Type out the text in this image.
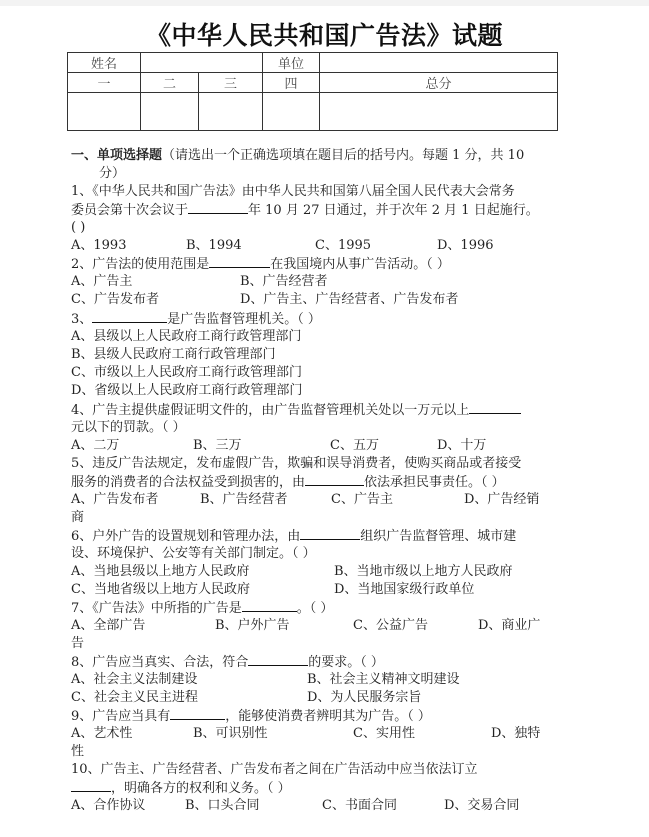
《中华人民共和国广告法》试题
姓名			单位	
一	二	三	四	总分

一、单项选择题（请选出一个正确选项填在题目后的括号内。每题 1 分，共 10
分）
1、《中华人民共和国广告法》由中华人民共和国第八届全国人民代表大会常务
委员会第十次会议于	年 10 月 27 日通过，并于次年 2 月 1 日起施行。
( )
A、1993	B、1994	C、1995	D、1996
2、广告法的使用范围是	在我国境内从事广告活动。（ ）
A、广告主	B、广告经营者
C、广告发布者	D、广告主、广告经营者、广告发布者
3、	是广告监督管理机关。（ ）
A、县级以上人民政府工商行政管理部门
B、县级人民政府工商行政管理部门
C、市级以上人民政府工商行政管理部门
D、省级以上人民政府工商行政管理部门
4、广告主提供虚假证明文件的，由广告监督管理机关处以一万元以上
元以下的罚款。（ ）
A、二万	B、三万	C、五万	D、十万
5、违反广告法规定，发布虚假广告，欺骗和误导消费者，使购买商品或者接受
服务的消费者的合法权益受到损害的，由	依法承担民事责任。（ ）
A、广告发布者	B、广告经营者	C、广告主	D、广告经销
商
6、户外广告的设置规划和管理办法，由	组织广告监督管理、城市建
设、环境保护、公安等有关部门制定。（ ）
A、当地县级以上地方人民政府	B、当地市级以上地方人民政府
C、当地省级以上地方人民政府	D、当地国家级行政单位
7、《广告法》中所指的广告是	。（ ）
A、全部广告	B、户外广告	C、公益广告	D、商业广
告
8、广告应当真实、合法，符合	的要求。（ ）
A、社会主义法制建设	B、社会主义精神文明建设
C、社会主义民主进程	D、为人民服务宗旨
9、广告应当具有	，能够使消费者辨明其为广告。（ ）
A、艺术性	B、可识别性	C、实用性	D、独特
性
10、广告主、广告经营者、广告发布者之间在广告活动中应当依法订立
，明确各方的权利和义务。（ ）
A、合作协议	B、口头合同	C、书面合同	D、交易合同
